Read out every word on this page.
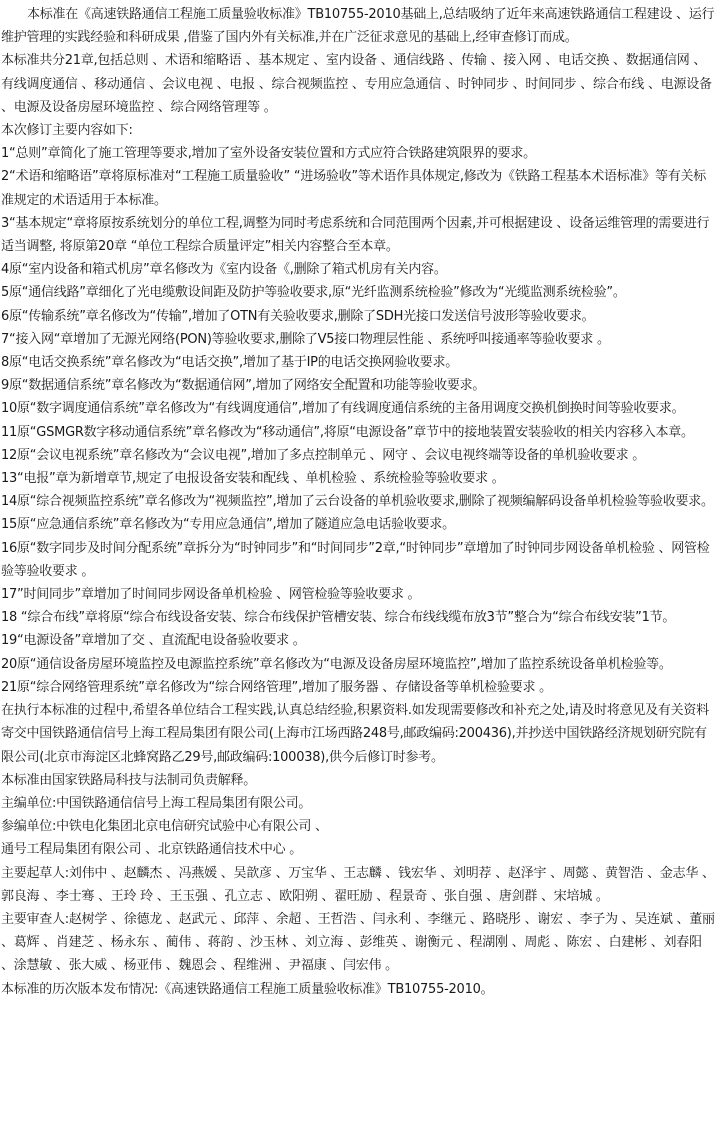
本标准在《高速铁路通信工程施工质量验收标准》TB10755-2010基础上,总结吸纳了近年来高速铁路通信工程建设 、运行维护管理的实践经验和科研成果 ,借鉴了国内外有关标准,并在广泛征求意见的基础上,经审查修订而成。

本标准共分21章,包括总则 、术语和缩略语 、基本规定 、室内设备 、通信线路 、传输 、接入网 、电话交换 、数据通信网 、有线调度通信 、移动通信 、会议电视 、电报 、综合视频监控 、专用应急通信 、时钟同步 、时间同步 、综合布线 、电源设备 、电源及设备房屋环境监控 、综合网络管理等 。

本次修订主要内容如下:

1“总则”章简化了施工管理等要求,增加了室外设备安装位置和方式应符合铁路建筑限界的要求。

2“术语和缩略语”章将原标准对“工程施工质量验收” “进场验收”等术语作具体规定,修改为《铁路工程基本术语标准》等有关标准规定的术语适用于本标准。

3“基本规定“章将原按系统划分的单位工程,调整为同时考虑系统和合同范围两个因素,并可根据建设 、设备运维管理的需要进行 适当调整, 将原第20章 “单位工程综合质量评定”相关内容整合至本章。

4原“室内设备和箱式机房”章名修改为《室内设备《,删除了箱式机房有关内容。

5原“通信线路”章细化了光电缆敷设间距及防护等验收要求,原“光纤监测系统检验”修改为“光缆监测系统检验”。

6原“传输系统”章名修改为“传输”,增加了OTN有关验收要求,删除了SDH光接口发送信号波形等验收要求。

7“接入网“章增加了无源光网络(PON)等验收要求,删除了V5接口物理层性能 、系统呼叫接通率等验收要求 。

8原“电话交换系统”章名修改为“电话交换”,增加了基于IP的电话交换网验收要求。

9原“数据通信系统”章名修改为“数据通信网”,增加了网络安全配置和功能等验收要求。

10原“数字调度通信系统”章名修改为“有线调度通信”,增加了有线调度通信系统的主备用调度交换机倒换时间等验收要求。

11原“GSMGR数字移动通信系统”章名修改为“移动通信”,将原“电源设备”章节中的接地装置安装验收的相关内容移入本章。

12原“会议电视系统”章名修改为“会议电视”,增加了多点控制单元 、网守 、会议电视终端等设备的单机验收要求 。

13“电报”章为新增章节,规定了电报设备安装和配线 、单机检验 、系统检验等验收要求 。

14原“综合视频监控系统”章名修改为“视频监控”,增加了云台设备的单机验收要求,删除了视频编解码设备单机检验等验收要求。

15原“应急通信系统”章名修改为“专用应急通信”,增加了隧道应急电话验收要求。

16原“数字同步及时间分配系统”章拆分为“时钟同步”和“时间同步”2章,“时钟同步”章增加了时钟同步网设备单机检验 、网管检验等验收要求 。

17”时间同步”章增加了时间同步网设备单机检验 、网管检验等验收要求 。

18 “综合布线”章将原“综合布线设备安装、综合布线保护管槽安装、综合布线线缆布放3节”整合为“综合布线安装”1节。

19“电源设备”章增加了交 、直流配电设备验收要求 。

20原“通信设备房屋环境监控及电源监控系统”章名修改为“电源及设备房屋环境监控”,增加了监控系统设备单机检验等。

21原“综合网络管理系统”章名修改为“综合网络管理”,增加了服务器 、存储设备等单机检验要求 。

在执行本标准的过程中,希望各单位结合工程实践,认真总结经验,积累资料.如发现需要修改和补充之处,请及时将意见及有关资料寄交中国铁路通信信号上海工程局集团有限公司(上海市江场西路248号,邮政编码:200436),并抄送中国铁路经济规划研究院有限公司(北京市海淀区北蜂窝路乙29号,邮政编码:100038),供今后修订时参考。

本标准由国家铁路局科技与法制司负责解释。

主编单位:中国铁路通信信号上海工程局集团有限公司。

参编单位:中铁电化集团北京电信研究试验中心有限公司 、

通号工程局集团有限公司 、北京铁路通信技术中心 。

主要起草人:刘伟中 、赵麟杰 、冯燕媛 、吴歆彦 、万宝华 、王志麟 、钱宏华 、刘明荐 、赵泽宇 、周懿 、黄智浩 、金志华 、郭良海 、李士骞 、王玲 玲 、王玉强 、孔立志 、欧阳朔 、翟旺励 、程景奇 、张自强 、唐剑群 、宋培城 。

主要审查人:赵树学 、徐德龙 、赵武元 、邱萍 、余超 、王哲浩 、闫永利 、李继元 、路晓彤 、谢宏 、李子为 、吴连斌 、董丽 、葛辉 、肖建芝 、杨永东 、蔺伟 、蒋韵 、沙玉林 、刘立海 、彭维英 、谢衡元 、程湖刚 、周彪 、陈宏 、白建彬 、刘春阳 、涂慧敏 、张大威 、杨亚伟 、魏恩会 、程维洲 、尹福康 、闫宏伟 。

本标准的历次版本发布情况:《高速铁路通信工程施工质量验收标准》TB10755-2010。
